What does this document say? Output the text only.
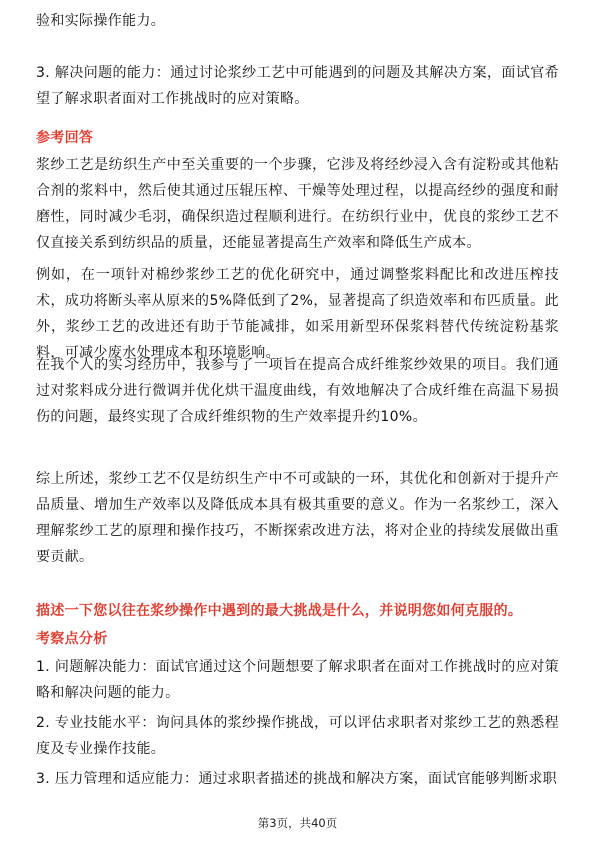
验和实际操作能力。

3. 解决问题的能力：通过讨论浆纱工艺中可能遇到的问题及其解决方案，面试官希望了解求职者面对工作挑战时的应对策略。

参考回答

浆纱工艺是纺织生产中至关重要的一个步骤，它涉及将经纱浸入含有淀粉或其他粘合剂的浆料中，然后使其通过压辊压榨、干燥等处理过程，以提高经纱的强度和耐磨性，同时减少毛羽，确保织造过程顺利进行。在纺织行业中，优良的浆纱工艺不仅直接关系到纺织品的质量，还能显著提高生产效率和降低生产成本。

例如，在一项针对棉纱浆纱工艺的优化研究中，通过调整浆料配比和改进压榨技术，成功将断头率从原来的5%降低到了2%，显著提高了织造效率和布匹质量。此外，浆纱工艺的改进还有助于节能减排，如采用新型环保浆料替代传统淀粉基浆料，可减少废水处理成本和环境影响。

在我个人的实习经历中，我参与了一项旨在提高合成纤维浆纱效果的项目。我们通过对浆料成分进行微调并优化烘干温度曲线，有效地解决了合成纤维在高温下易损伤的问题，最终实现了合成纤维织物的生产效率提升约10%。

综上所述，浆纱工艺不仅是纺织生产中不可或缺的一环，其优化和创新对于提升产品质量、增加生产效率以及降低成本具有极其重要的意义。作为一名浆纱工，深入理解浆纱工艺的原理和操作技巧，不断探索改进方法，将对企业的持续发展做出重要贡献。

描述一下您以往在浆纱操作中遇到的最大挑战是什么，并说明您如何克服的。

考察点分析

1. 问题解决能力：面试官通过这个问题想要了解求职者在面对工作挑战时的应对策略和解决问题的能力。

2. 专业技能水平：询问具体的浆纱操作挑战，可以评估求职者对浆纱工艺的熟悉程度及专业操作技能。

3. 压力管理和适应能力：通过求职者描述的挑战和解决方案，面试官能够判断求职

第3页，共40页
